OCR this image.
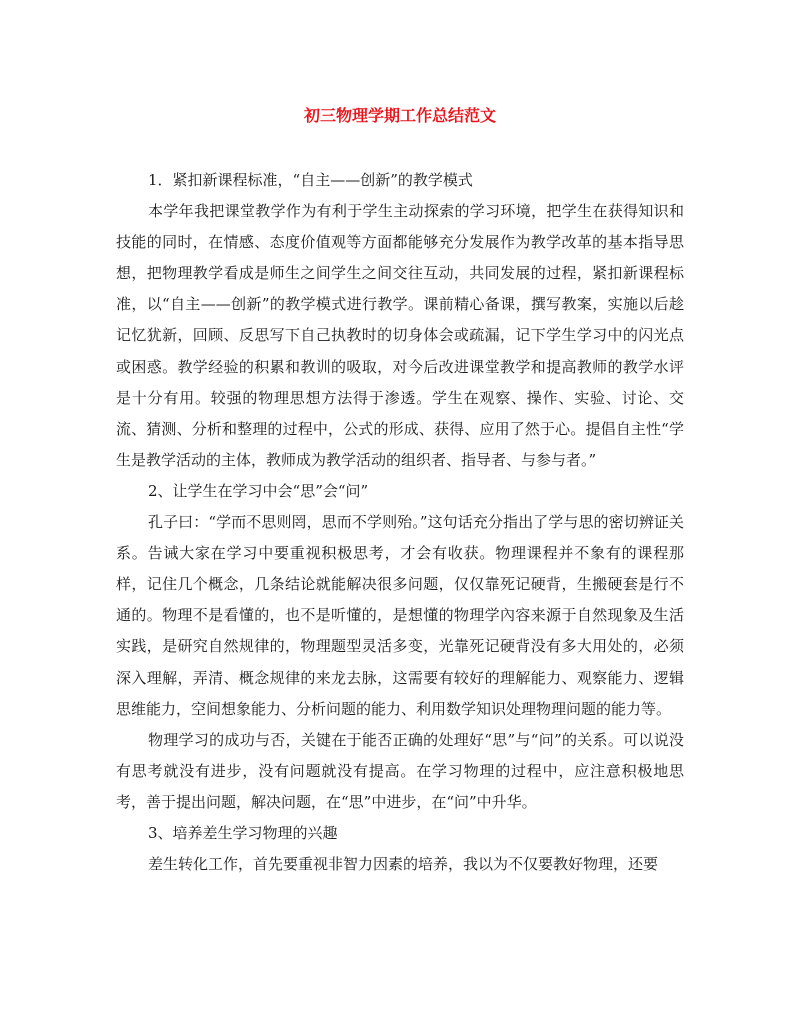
初三物理学期工作总结范文

1．紧扣新课程标准，“自主——创新”的教学模式

本学年我把课堂教学作为有利于学生主动探索的学习环境，把学生在获得知识和技能的同时，在情感、态度价值观等方面都能够充分发展作为教学改革的基本指导思想，把物理教学看成是师生之间学生之间交往互动，共同发展的过程，紧扣新课程标准，以“自主——创新”的教学模式进行教学。课前精心备课，撰写教案，实施以后趁记忆犹新，回顾、反思写下自己执教时的切身体会或疏漏，记下学生学习中的闪光点或困惑。教学经验的积累和教训的吸取，对今后改进课堂教学和提高教师的教学水评是十分有用。较强的物理思想方法得于渗透。学生在观察、操作、实验、讨论、交流、猜测、分析和整理的过程中，公式的形成、获得、应用了然于心。提倡自主性“学生是教学活动的主体，教师成为教学活动的组织者、指导者、与参与者。”

2、让学生在学习中会“思”会“问”

孔子曰：“学而不思则罔，思而不学则殆。”这句话充分指出了学与思的密切辨证关系。告诫大家在学习中要重视积极思考，才会有收获。物理课程并不象有的课程那样，记住几个概念，几条结论就能解决很多问题，仅仅靠死记硬背，生搬硬套是行不通的。物理不是看懂的，也不是听懂的，是想懂的物理学內容来源于自然现象及生活实践，是研究自然规律的，物理题型灵活多变，光靠死记硬背没有多大用处的，必须深入理解，弄清、概念规律的来龙去脉，这需要有较好的理解能力、观察能力、逻辑思维能力，空间想象能力、分析问题的能力、利用数学知识处理物理问题的能力等。

物理学习的成功与否，关键在于能否正确的处理好“思”与“问”的关系。可以说没有思考就没有进步，没有问题就没有提高。在学习物理的过程中，应注意积极地思考，善于提出问题，解决问题，在“思”中进步，在“问”中升华。

3、培养差生学习物理的兴趣

差生转化工作，首先要重视非智力因素的培养，我以为不仅要教好物理，还要
